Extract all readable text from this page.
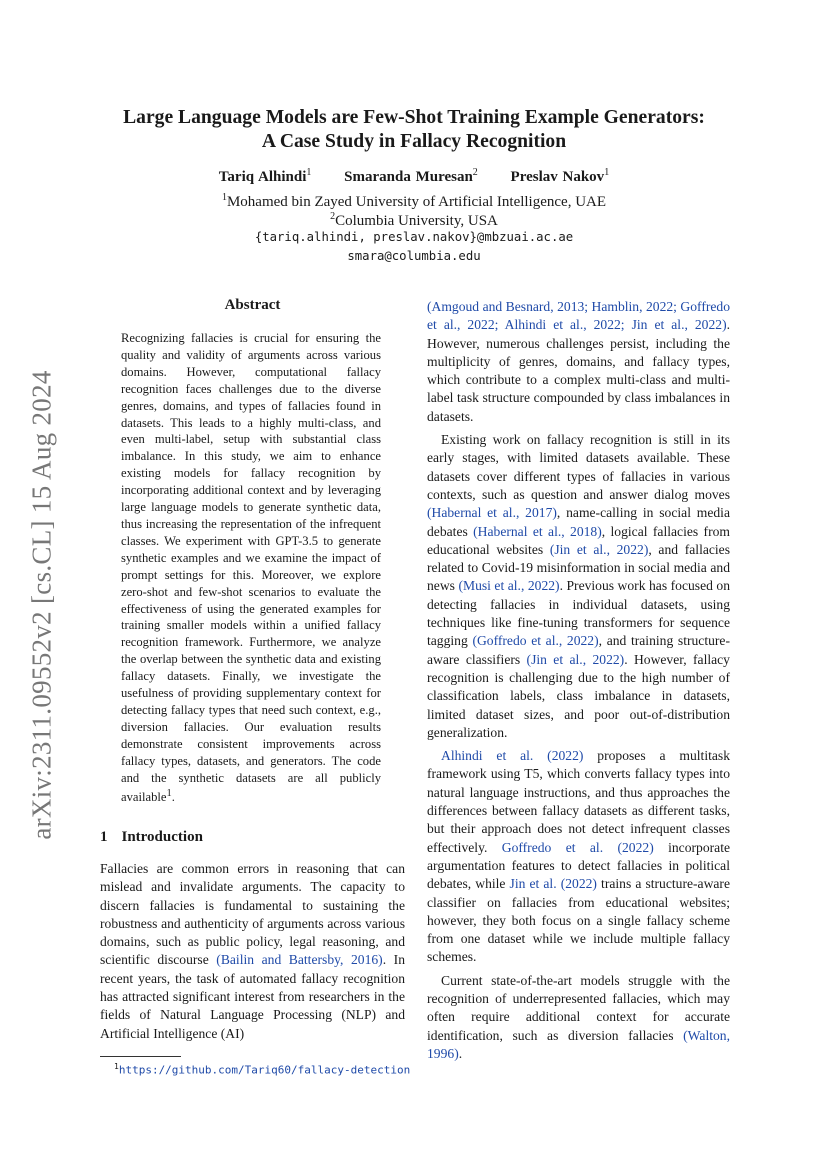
arXiv:2311.09552v2 [cs.CL] 15 Aug 2024
Large Language Models are Few-Shot Training Example Generators:
A Case Study in Fallacy Recognition
Tariq Alhindi$^1$ Smaranda Muresan$^2$ Preslav Nakov$^1$
$^1$Mohamed bin Zayed University of Artificial Intelligence, UAE
$^2$Columbia University, USA
{tariq.alhindi, preslav.nakov}@mbzuai.ac.ae
smara@columbia.edu
Abstract
Recognizing fallacies is crucial for ensuring the quality and validity of arguments across various domains. However, computational fallacy recognition faces challenges due to the diverse genres, domains, and types of fallacies found in datasets. This leads to a highly multi-class, and even multi-label, setup with substantial class imbalance. In this study, we aim to enhance existing models for fallacy recognition by incorporating additional context and by leveraging large language models to generate synthetic data, thus increasing the representation of the infrequent classes. We experiment with GPT-3.5 to generate synthetic examples and we examine the impact of prompt settings for this. Moreover, we explore zero-shot and few-shot scenarios to evaluate the effectiveness of using the generated examples for training smaller models within a unified fallacy recognition framework. Furthermore, we analyze the overlap between the synthetic data and existing fallacy datasets. Finally, we investigate the usefulness of providing supplementary context for detecting fallacy types that need such context, e.g., diversion fallacies. Our evaluation results demonstrate consistent improvements across fallacy types, datasets, and generators. The code and the synthetic datasets are all publicly available$^1$.
1 Introduction

Fallacies are common errors in reasoning that can mislead and invalidate arguments. The capacity to discern fallacies is fundamental to sustaining the robustness and authenticity of arguments across various domains, such as public policy, legal reasoning, and scientific discourse (Bailin and Battersby, 2016). In recent years, the task of automated fallacy recognition has attracted significant interest from researchers in the fields of Natural Language Processing (NLP) and Artificial Intelligence (AI)

$^1$https://github.com/Tariq60/fallacy-detection

(Amgoud and Besnard, 2013; Hamblin, 2022; Goffredo et al., 2022; Alhindi et al., 2022; Jin et al., 2022). However, numerous challenges persist, including the multiplicity of genres, domains, and fallacy types, which contribute to a complex multi-class and multi-label task structure compounded by class imbalances in datasets.

Existing work on fallacy recognition is still in its early stages, with limited datasets available. These datasets cover different types of fallacies in various contexts, such as question and answer dialog moves (Habernal et al., 2017), name-calling in social media debates (Habernal et al., 2018), logical fallacies from educational websites (Jin et al., 2022), and fallacies related to Covid-19 misinformation in social media and news (Musi et al., 2022). Previous work has focused on detecting fallacies in individual datasets, using techniques like fine-tuning transformers for sequence tagging (Goffredo et al., 2022), and training structure-aware classifiers (Jin et al., 2022). However, fallacy recognition is challenging due to the high number of classification labels, class imbalance in datasets, limited dataset sizes, and poor out-of-distribution generalization.

Alhindi et al. (2022) proposes a multitask framework using T5, which converts fallacy types into natural language instructions, and thus approaches the differences between fallacy datasets as different tasks, but their approach does not detect infrequent classes effectively. Goffredo et al. (2022) incorporate argumentation features to detect fallacies in political debates, while Jin et al. (2022) trains a structure-aware classifier on fallacies from educational websites; however, they both focus on a single fallacy scheme from one dataset while we include multiple fallacy schemes.

Current state-of-the-art models struggle with the recognition of underrepresented fallacies, which may often require additional context for accurate identification, such as diversion fallacies (Walton, 1996).
